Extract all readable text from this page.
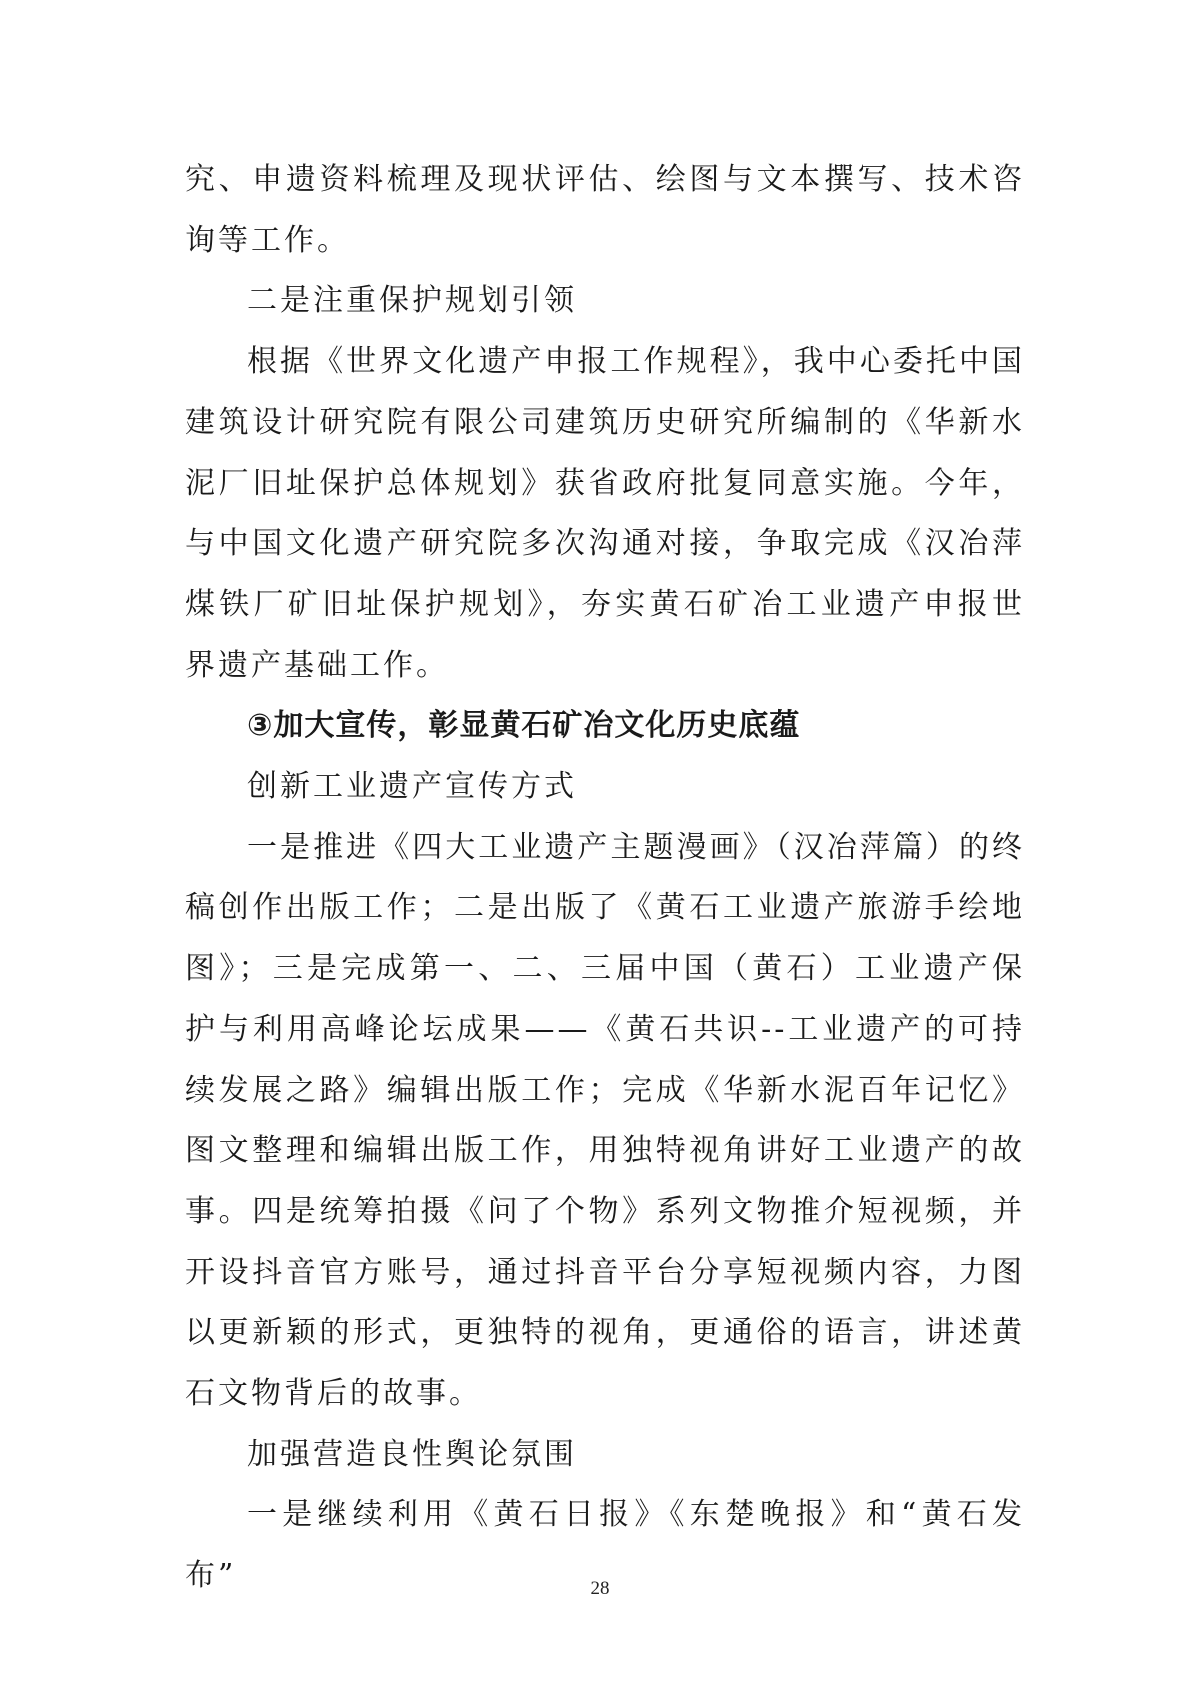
究、申遗资料梳理及现状评估、绘图与文本撰写、技术咨询等工作。

二是注重保护规划引领

根据《世界文化遗产申报工作规程》，我中心委托中国建筑设计研究院有限公司建筑历史研究所编制的《华新水泥厂旧址保护总体规划》获省政府批复同意实施。今年，与中国文化遗产研究院多次沟通对接，争取完成《汉冶萍煤铁厂矿旧址保护规划》，夯实黄石矿冶工业遗产申报世界遗产基础工作。

③加大宣传，彰显黄石矿冶文化历史底蕴

创新工业遗产宣传方式

一是推进《四大工业遗产主题漫画》（汉冶萍篇）的终稿创作出版工作；二是出版了《黄石工业遗产旅游手绘地图》；三是完成第一、二、三届中国（黄石）工业遗产保护与利用高峰论坛成果——《黄石共识--工业遗产的可持续发展之路》编辑出版工作；完成《华新水泥百年记忆》图文整理和编辑出版工作，用独特视角讲好工业遗产的故事。四是统筹拍摄《问了个物》系列文物推介短视频，并开设抖音官方账号，通过抖音平台分享短视频内容，力图以更新颖的形式，更独特的视角，更通俗的语言，讲述黄石文物背后的故事。

加强营造良性舆论氛围

一是继续利用《黄石日报》《东楚晚报》和“黄石发布”	28
